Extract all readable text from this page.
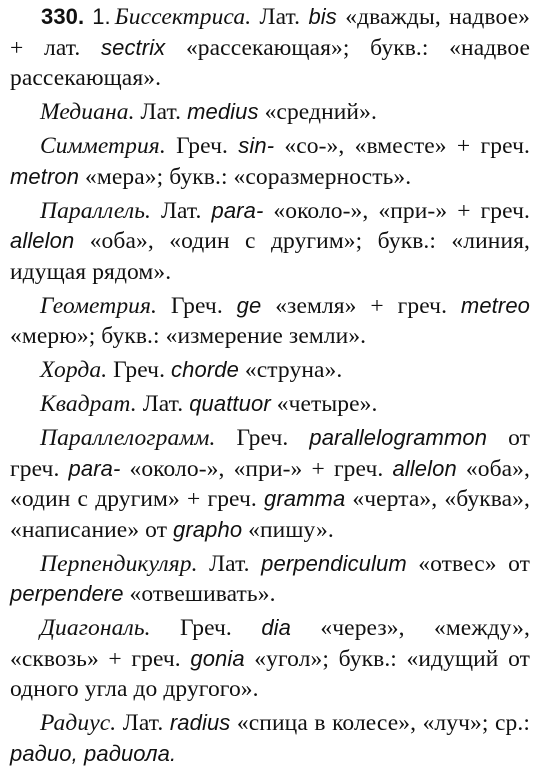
330. 1. Биссектриса. Лат. bis «дважды, надвое» + лат. sectrix «рассекающая»; букв.: «надвое рассекающая».

Медиана. Лат. medius «средний».

Симметрия. Греч. sin- «со-», «вместе» + греч. metron «мера»; букв.: «соразмерность».

Параллель. Лат. para- «около-», «при-» + греч. allelon «оба», «один с другим»; букв.: «линия, идущая рядом».

Геометрия. Греч. ge «земля» + греч. metreo «мерю»; букв.: «измерение земли».

Хорда. Греч. chorde «струна».

Квадрат. Лат. quattuor «четыре».

Параллелограмм. Греч. parallelogrammon от греч. para- «около-», «при-» + греч. allelon «оба», «один с другим» + греч. gramma «черта», «буква», «написание» от grapho «пишу».

Перпендикуляр. Лат. perpendiculum «отвес» от perpendere «отвешивать».

Диагональ. Греч. dia «через», «между», «сквозь» + греч. gonia «угол»; букв.: «идущий от одного угла до другого».

Радиус. Лат. radius «спица в колесе», «луч»; ср.: радио, радиола.
